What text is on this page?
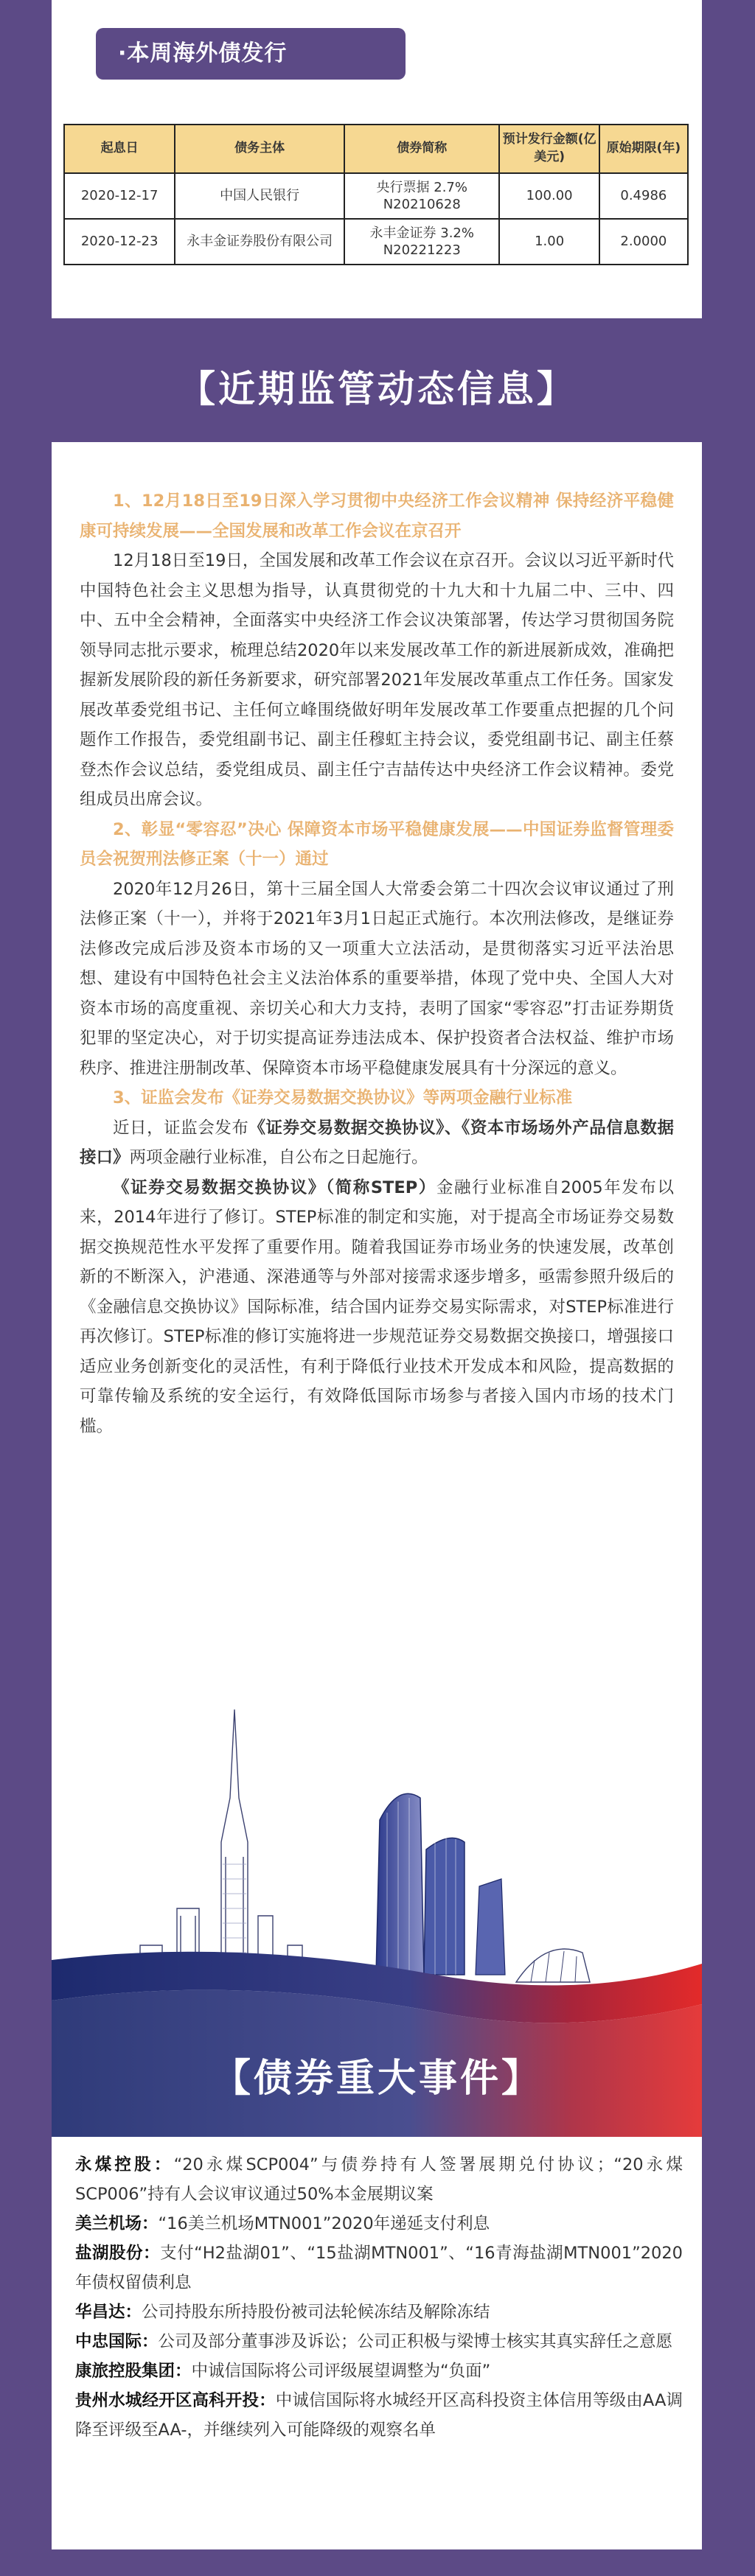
·本周海外债发行
起息日	债务主体	债券简称	预计发行金额(亿美元)	原始期限(年)
2020-12-17	中国人民银行	央行票据 2.7% N20210628	100.00	0.4986
2020-12-23	永丰金证券股份有限公司	永丰金证券 3.2% N20221223	1.00	2.0000
【近期监管动态信息】

1、12月18日至19日深入学习贯彻中央经济工作会议精神 保持经济平稳健康可持续发展——全国发展和改革工作会议在京召开

12月18日至19日，全国发展和改革工作会议在京召开。会议以习近平新时代中国特色社会主义思想为指导，认真贯彻党的十九大和十九届二中、三中、四中、五中全会精神，全面落实中央经济工作会议决策部署，传达学习贯彻国务院领导同志批示要求，梳理总结2020年以来发展改革工作的新进展新成效，准确把握新发展阶段的新任务新要求，研究部署2021年发展改革重点工作任务。国家发展改革委党组书记、主任何立峰围绕做好明年发展改革工作要重点把握的几个问题作工作报告，委党组副书记、副主任穆虹主持会议，委党组副书记、副主任蔡登杰作会议总结，委党组成员、副主任宁吉喆传达中央经济工作会议精神。委党组成员出席会议。

2、彰显“零容忍”决心 保障资本市场平稳健康发展——中国证券监督管理委员会祝贺刑法修正案（十一）通过

2020年12月26日，第十三届全国人大常委会第二十四次会议审议通过了刑法修正案（十一），并将于2021年3月1日起正式施行。本次刑法修改，是继证券法修改完成后涉及资本市场的又一项重大立法活动，是贯彻落实习近平法治思想、建设有中国特色社会主义法治体系的重要举措，体现了党中央、全国人大对资本市场的高度重视、亲切关心和大力支持，表明了国家“零容忍”打击证券期货犯罪的坚定决心，对于切实提高证券违法成本、保护投资者合法权益、维护市场秩序、推进注册制改革、保障资本市场平稳健康发展具有十分深远的意义。

3、证监会发布《证券交易数据交换协议》等两项金融行业标准

近日，证监会发布《证券交易数据交换协议》、《资本市场场外产品信息数据接口》两项金融行业标准，自公布之日起施行。

《证券交易数据交换协议》（简称STEP）金融行业标准自2005年发布以来，2014年进行了修订。STEP标准的制定和实施，对于提高全市场证券交易数据交换规范性水平发挥了重要作用。随着我国证券市场业务的快速发展，改革创新的不断深入，沪港通、深港通等与外部对接需求逐步增多，亟需参照升级后的《金融信息交换协议》国际标准，结合国内证券交易实际需求，对STEP标准进行再次修订。STEP标准的修订实施将进一步规范证券交易数据交换接口，增强接口适应业务创新变化的灵活性，有利于降低行业技术开发成本和风险，提高数据的可靠传输及系统的安全运行，有效降低国际市场参与者接入国内市场的技术门槛。

【债券重大事件】

永煤控股：“20永煤SCP004”与债券持有人签署展期兑付协议；“20永煤SCP006”持有人会议审议通过50%本金展期议案

美兰机场：“16美兰机场MTN001”2020年递延支付利息

盐湖股份：支付“H2盐湖01”、“15盐湖MTN001”、“16青海盐湖MTN001”2020年债权留债利息

华昌达：公司持股东所持股份被司法轮候冻结及解除冻结

中忠国际：公司及部分董事涉及诉讼；公司正积极与梁博士核实其真实辞任之意愿

康旅控股集团：中诚信国际将公司评级展望调整为“负面”

贵州水城经开区高科开投：中诚信国际将水城经开区高科投资主体信用等级由AA调降至评级至AA-，并继续列入可能降级的观察名单
